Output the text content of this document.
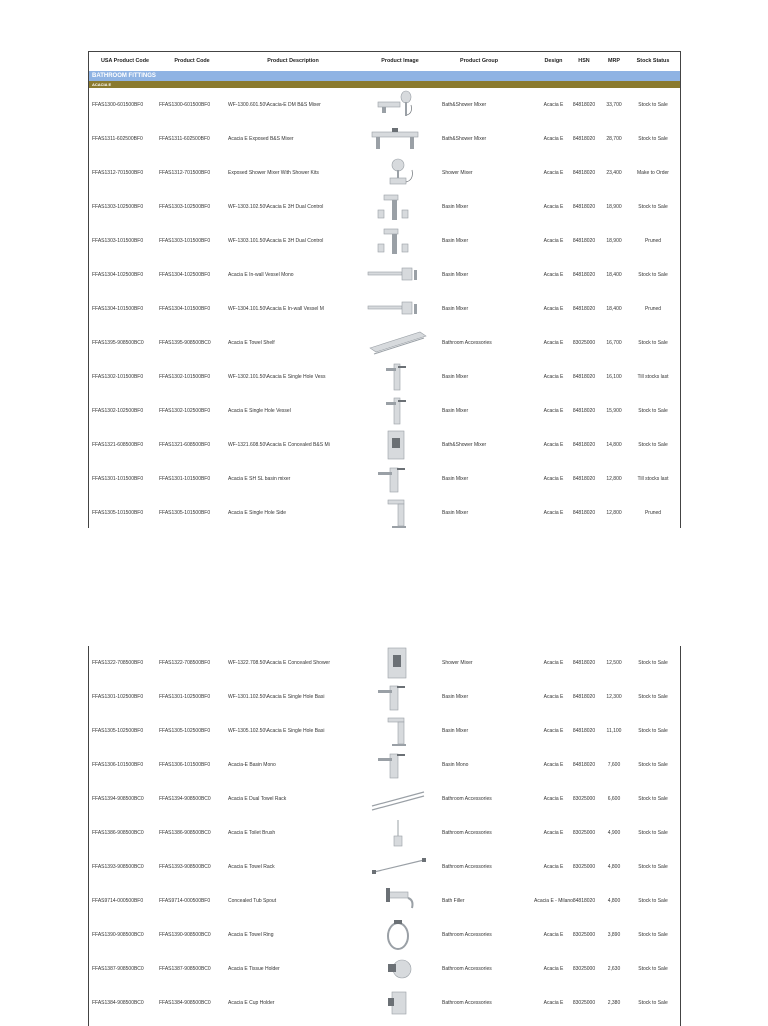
USA Product Code	Product Code	Product Description	Product Image	Product Group	Design	HSN	MRP	Stock Status
BATHROOM FITTINGS
ACACIA E
FFAS1300-601500BF0	FFAS1300-601500BF0	WF-1300.601.50\Acacia-E DM B&S Mixer	Bath&Shower Mixer	Acacia E	84818020	33,700	Stock to Sale
FFAS1311-602500BF0	FFAS1311-602500BF0	Acacia E Exposed B&S Mixer	Bath&Shower Mixer	Acacia E	84818020	28,700	Stock to Sale
FFAS1312-701500BF0	FFAS1312-701500BF0	Exposed Shower Mixer With Shower Kits	Shower Mixer	Acacia E	84818020	23,400	Make to Order
FFAS1303-102500BF0	FFAS1303-102500BF0	WF-1303.102.50\Acacia E 3H Dual Control	Basin Mixer	Acacia E	84818020	18,900	Stock to Sale
FFAS1303-101500BF0	FFAS1303-101500BF0	WF-1303.101.50\Acacia E 3H Dual Control	Basin Mixer	Acacia E	84818020	18,900	Pruned
FFAS1304-102500BF0	FFAS1304-102500BF0	Acacia E In-wall Vessel Mono	Basin Mixer	Acacia E	84818020	18,400	Stock to Sale
FFAS1304-101500BF0	FFAS1304-101500BF0	WF-1304.101.50\Acacia E In-wall Vessel M	Basin Mixer	Acacia E	84818020	18,400	Pruned
FFAS1395-908500BC0	FFAS1395-908500BC0	Acacia E Towel Shelf	Bathroom Accessories	Acacia E	83025000	16,700	Stock to Sale
FFAS1302-101500BF0	FFAS1302-101500BF0	WF-1302.101.50\Acacia E Single Hole Vess	Basin Mixer	Acacia E	84818020	16,100	Till stocks last
FFAS1302-102500BF0	FFAS1302-102500BF0	Acacia E Single Hole Vessel	Basin Mixer	Acacia E	84818020	15,900	Stock to Sale
FFAS1321-608500BF0	FFAS1321-608500BF0	WF-1321.608.50\Acacia E Concealed B&S Mi	Bath&Shower Mixer	Acacia E	84818020	14,800	Stock to Sale
FFAS1301-101500BF0	FFAS1301-101500BF0	Acacia E SH SL basin mixer	Basin Mixer	Acacia E	84818020	12,800	Till stocks last
FFAS1305-101500BF0	FFAS1305-101500BF0	Acacia E Single Hole Side	Basin Mixer	Acacia E	84818020	12,800	Pruned
FFAS1322-708500BF0	FFAS1322-708500BF0	WF-1322.708.50\Acacia E Concealed Shower	Shower Mixer	Acacia E	84818020	12,500	Stock to Sale
FFAS1301-102500BF0	FFAS1301-102500BF0	WF-1301.102.50\Acacia E Single Hole Basi	Basin Mixer	Acacia E	84818020	12,300	Stock to Sale
FFAS1305-102500BF0	FFAS1305-102500BF0	WF-1305.102.50\Acacia E Single Hole Basi	Basin Mixer	Acacia E	84818020	11,100	Stock to Sale
FFAS1306-101500BF0	FFAS1306-101500BF0	Acacia-E Basin Mono	Basin Mono	Acacia E	84818020	7,600	Stock to Sale
FFAS1394-908500BC0	FFAS1394-908500BC0	Acacia E Dual Towel Rack	Bathroom Accessories	Acacia E	83025000	6,600	Stock to Sale
FFAS1386-908500BC0	FFAS1386-908500BC0	Acacia E Toilet Brush	Bathroom Accessories	Acacia E	83025000	4,900	Stock to Sale
FFAS1393-908500BC0	FFAS1393-908500BC0	Acacia E Towel Rack	Bathroom Accessories	Acacia E	83025000	4,800	Stock to Sale
FFAS9714-000500BF0	FFAS9714-000500BF0	Concealed Tub Spout	Bath Filler	Acacia E - Milano 84818020	4,800	Stock to Sale
FFAS1390-908500BC0	FFAS1390-908500BC0	Acacia E Towel Ring	Bathroom Accessories	Acacia E	83025000	3,890	Stock to Sale
FFAS1387-908500BC0	FFAS1387-908500BC0	Acacia E Tissue Holder	Bathroom Accessories	Acacia E	83025000	2,630	Stock to Sale
FFAS1384-908500BC0	FFAS1384-908500BC0	Acacia E Cup Holder	Bathroom Accessories	Acacia E	83025000	2,380	Stock to Sale
